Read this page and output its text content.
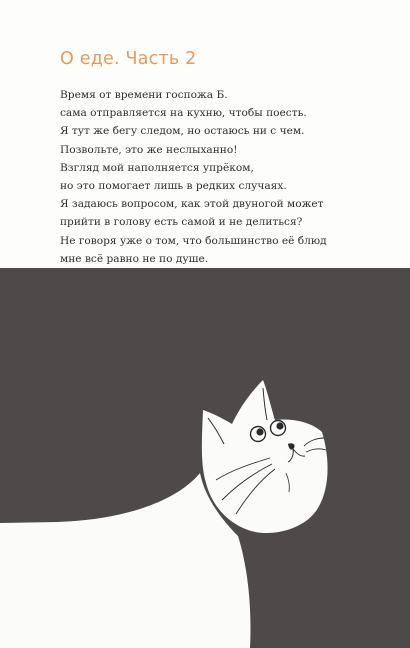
О еде. Часть 2
Время от времени госпожа Б.
сама отправляется на кухню, чтобы поесть.
Я тут же бегу следом, но остаюсь ни с чем.
Позвольте, это же неслыханно!
Взгляд мой наполняется упрёком,
но это помогает лишь в редких случаях.
Я задаюсь вопросом, как этой двуногой может
прийти в голову есть самой и не делиться?
Не говоря уже о том, что большинство её блюд
мне всё равно не по душе.
